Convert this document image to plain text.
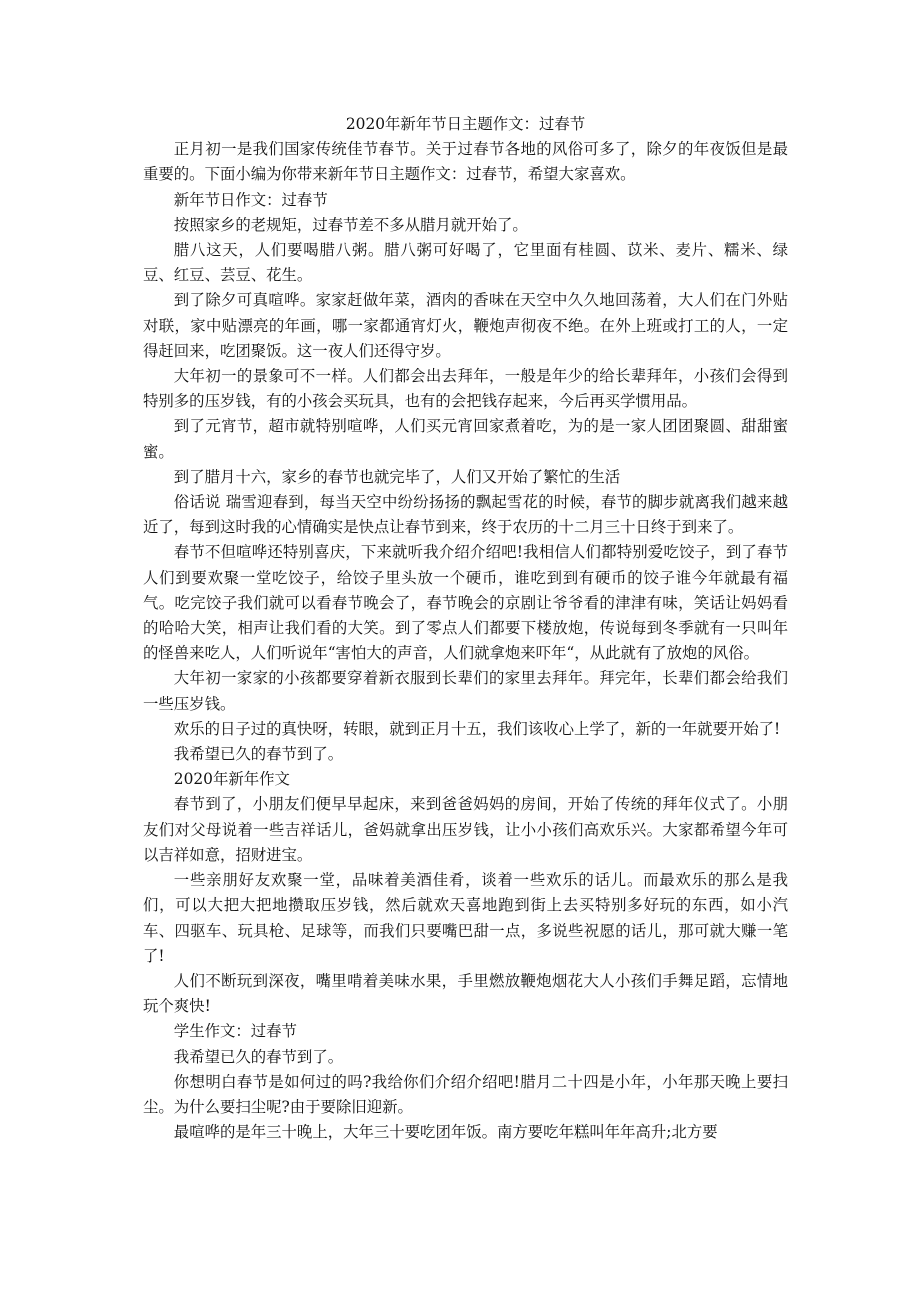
2020年新年节日主题作文：过春节

正月初一是我们国家传统佳节春节。关于过春节各地的风俗可多了，除夕的年夜饭但是最重要的。下面小编为你带来新年节日主题作文：过春节，希望大家喜欢。

新年节日作文：过春节

按照家乡的老规矩，过春节差不多从腊月就开始了。

腊八这天，人们要喝腊八粥。腊八粥可好喝了，它里面有桂圆、苡米、麦片、糯米、绿豆、红豆、芸豆、花生。

到了除夕可真喧哗。家家赶做年菜，酒肉的香味在天空中久久地回荡着，大人们在门外贴对联，家中贴漂亮的年画，哪一家都通宵灯火，鞭炮声彻夜不绝。在外上班或打工的人，一定得赶回来，吃团聚饭。这一夜人们还得守岁。

大年初一的景象可不一样。人们都会出去拜年，一般是年少的给长辈拜年，小孩们会得到特别多的压岁钱，有的小孩会买玩具，也有的会把钱存起来，今后再买学惯用品。

到了元宵节，超市就特别喧哗，人们买元宵回家煮着吃，为的是一家人团团聚圆、甜甜蜜蜜。

到了腊月十六，家乡的春节也就完毕了，人们又开始了繁忙的生活

俗话说 瑞雪迎春到，每当天空中纷纷扬扬的飘起雪花的时候，春节的脚步就离我们越来越近了，每到这时我的心情确实是快点让春节到来，终于农历的十二月三十日终于到来了。

春节不但喧哗还特别喜庆，下来就听我介绍介绍吧!我相信人们都特别爱吃饺子，到了春节人们到要欢聚一堂吃饺子，给饺子里头放一个硬币，谁吃到到有硬币的饺子谁今年就最有福气。吃完饺子我们就可以看春节晚会了，春节晚会的京剧让爷爷看的津津有味，笑话让妈妈看的哈哈大笑，相声让我们看的大笑。到了零点人们都要下楼放炮，传说每到冬季就有一只叫年的怪兽来吃人，人们听说年“害怕大的声音，人们就拿炮来吓年“，从此就有了放炮的风俗。

大年初一家家的小孩都要穿着新衣服到长辈们的家里去拜年。拜完年，长辈们都会给我们一些压岁钱。

欢乐的日子过的真快呀，转眼，就到正月十五，我们该收心上学了，新的一年就要开始了!

我希望已久的春节到了。

2020年新年作文

春节到了，小朋友们便早早起床，来到爸爸妈妈的房间，开始了传统的拜年仪式了。小朋友们对父母说着一些吉祥话儿，爸妈就拿出压岁钱，让小小孩们高欢乐兴。大家都希望今年可以吉祥如意，招财进宝。

一些亲朋好友欢聚一堂，品味着美酒佳肴，谈着一些欢乐的话儿。而最欢乐的那么是我们，可以大把大把地攒取压岁钱，然后就欢天喜地跑到街上去买特别多好玩的东西，如小汽车、四驱车、玩具枪、足球等，而我们只要嘴巴甜一点，多说些祝愿的话儿，那可就大赚一笔了!

人们不断玩到深夜，嘴里啃着美味水果，手里燃放鞭炮烟花大人小孩们手舞足蹈，忘情地玩个爽快!

学生作文：过春节

我希望已久的春节到了。

你想明白春节是如何过的吗?我给你们介绍介绍吧!腊月二十四是小年，小年那天晚上要扫尘。为什么要扫尘呢?由于要除旧迎新。

最喧哗的是年三十晚上，大年三十要吃团年饭。南方要吃年糕叫年年高升;北方要
